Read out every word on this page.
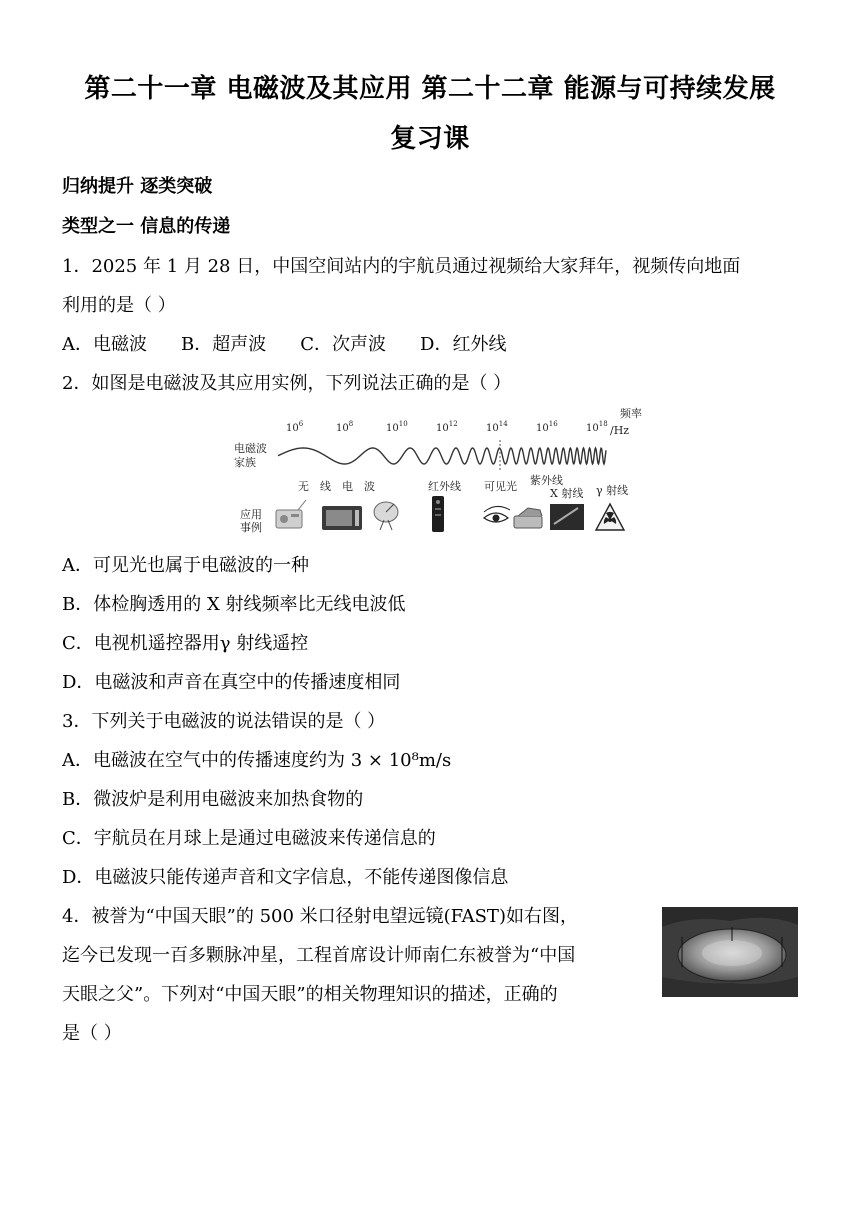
第二十一章 电磁波及其应用 第二十二章 能源与可持续发展
复习课
归纳提升 逐类突破
类型之一 信息的传递
1．2025 年 1 月 28 日，中国空间站内的宇航员通过视频给大家拜年，视频传向地面
利用的是（ ）
A．电磁波 B．超声波 C．次声波 D．红外线
2．如图是电磁波及其应用实例，下列说法正确的是（ ）
电磁波
家族
应用
事例
频率
/Hz
$10^6$	$10^8$	$10^{10}$	$10^{12}$	$10^{14}$	$10^{16}$	$10^{18}$
无　线　电　波	红外线 可见光 紫外线
X 射线 γ 射线
A．可见光也属于电磁波的一种
B．体检胸透用的 X 射线频率比无线电波低
C．电视机遥控器用γ 射线遥控
D．电磁波和声音在真空中的传播速度相同
3．下列关于电磁波的说法错误的是（ ）
A．电磁波在空气中的传播速度约为 3 × 10⁸m/s
B．微波炉是利用电磁波来加热食物的
C．宇航员在月球上是通过电磁波来传递信息的
D．电磁波只能传递声音和文字信息，不能传递图像信息
4．被誉为“中国天眼”的 500 米口径射电望远镜(FAST)如右图，
迄今已发现一百多颗脉冲星，工程首席设计师南仁东被誉为“中国
天眼之父”。下列对“中国天眼”的相关物理知识的描述，正确的
是（ ）
